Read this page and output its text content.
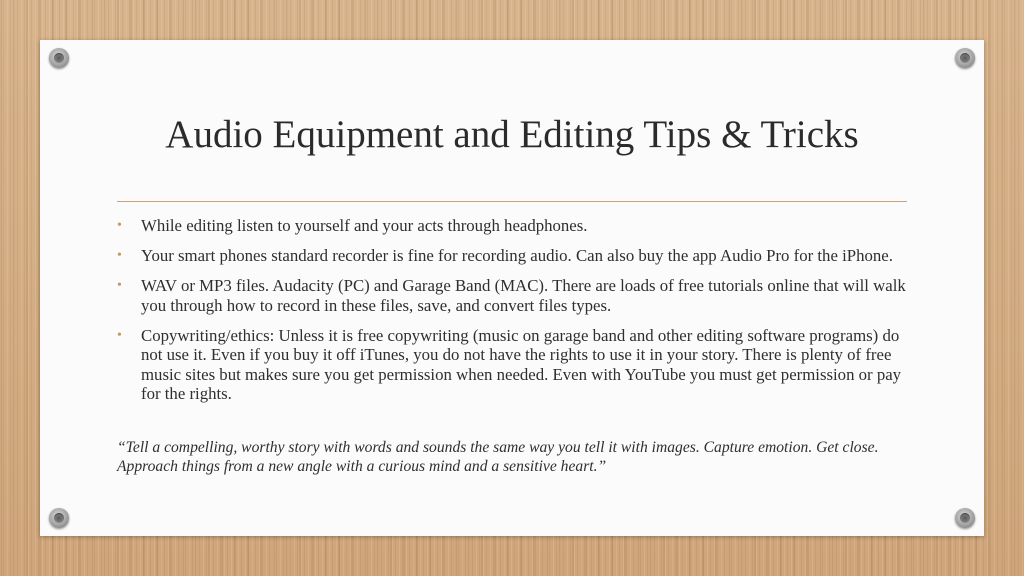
Audio Equipment and Editing Tips & Tricks
• While editing listen to yourself and your acts through headphones.
• Your smart phones standard recorder is fine for recording audio. Can also buy the app Audio Pro for the iPhone.
• WAV or MP3 files. Audacity (PC) and Garage Band (MAC). There are loads of free tutorials online that will walk you through how to record in these files, save, and convert files types.
• Copywriting/ethics: Unless it is free copywriting (music on garage band and other editing software programs) do not use it. Even if you buy it off iTunes, you do not have the rights to use it in your story. There is plenty of free music sites but makes sure you get permission when needed. Even with YouTube you must get permission or pay for the rights.

“Tell a compelling, worthy story with words and sounds the same way you tell it with images. Capture emotion. Get close. Approach things from a new angle with a curious mind and a sensitive heart.”
